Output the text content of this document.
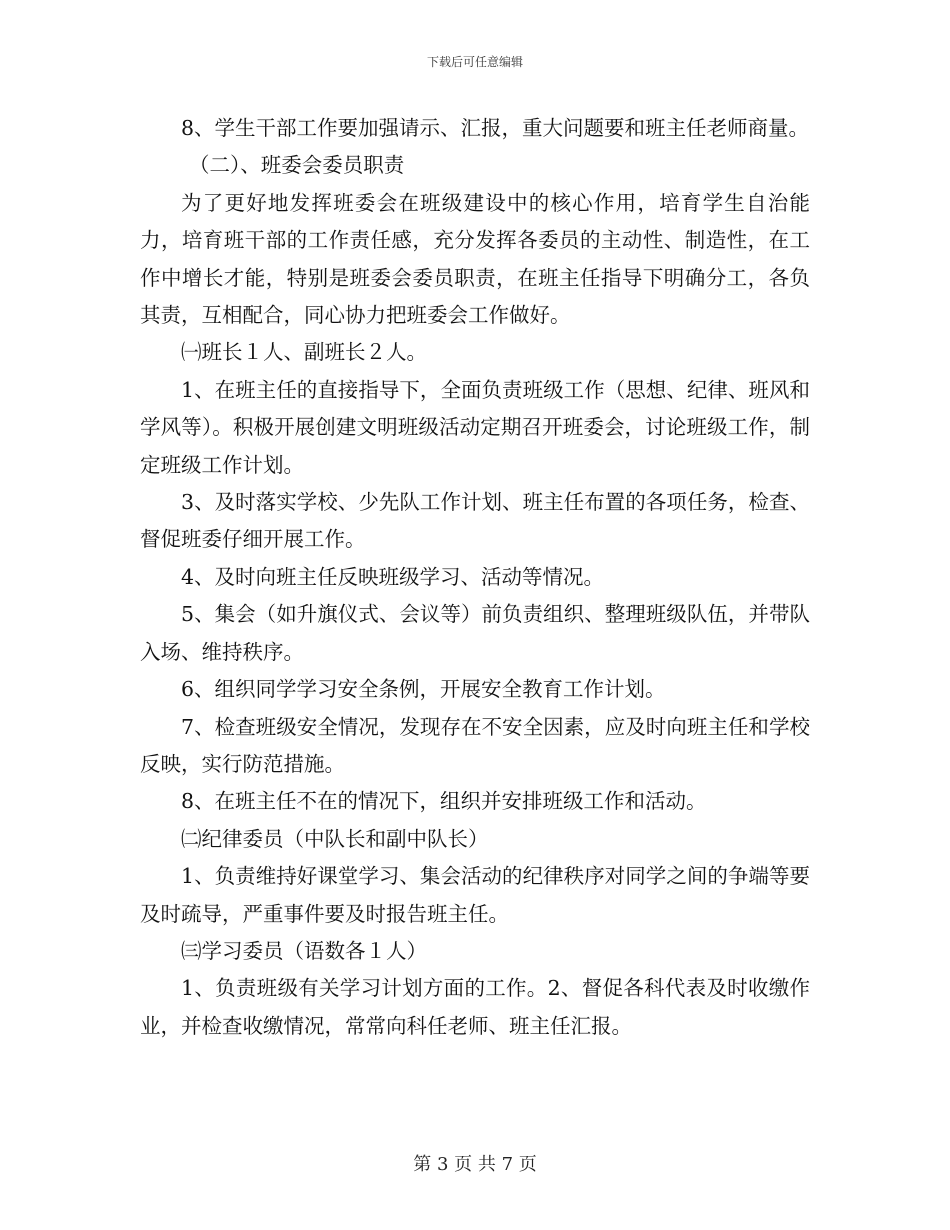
下载后可任意编辑

8、学生干部工作要加强请示、汇报，重大问题要和班主任老师商量。

（二）、班委会委员职责

为了更好地发挥班委会在班级建设中的核心作用，培育学生自治能力，培育班干部的工作责任感，充分发挥各委员的主动性、制造性，在工作中增长才能，特别是班委会委员职责，在班主任指导下明确分工，各负其责，互相配合，同心协力把班委会工作做好。

㈠班长１人、副班长２人。

1、在班主任的直接指导下，全面负责班级工作（思想、纪律、班风和学风等）。积极开展创建文明班级活动定期召开班委会，讨论班级工作，制定班级工作计划。

3、及时落实学校、少先队工作计划、班主任布置的各项任务，检查、督促班委仔细开展工作。

4、及时向班主任反映班级学习、活动等情况。

5、集会（如升旗仪式、会议等）前负责组织、整理班级队伍，并带队入场、维持秩序。

6、组织同学学习安全条例，开展安全教育工作计划。

7、检查班级安全情况，发现存在不安全因素，应及时向班主任和学校反映，实行防范措施。

8、在班主任不在的情况下，组织并安排班级工作和活动。

㈡纪律委员（中队长和副中队长）

1、负责维持好课堂学习、集会活动的纪律秩序对同学之间的争端等要及时疏导，严重事件要及时报告班主任。

㈢学习委员（语数各１人）

1、负责班级有关学习计划方面的工作。2、督促各科代表及时收缴作业，并检查收缴情况，常常向科任老师、班主任汇报。

第 3 页 共 7 页
